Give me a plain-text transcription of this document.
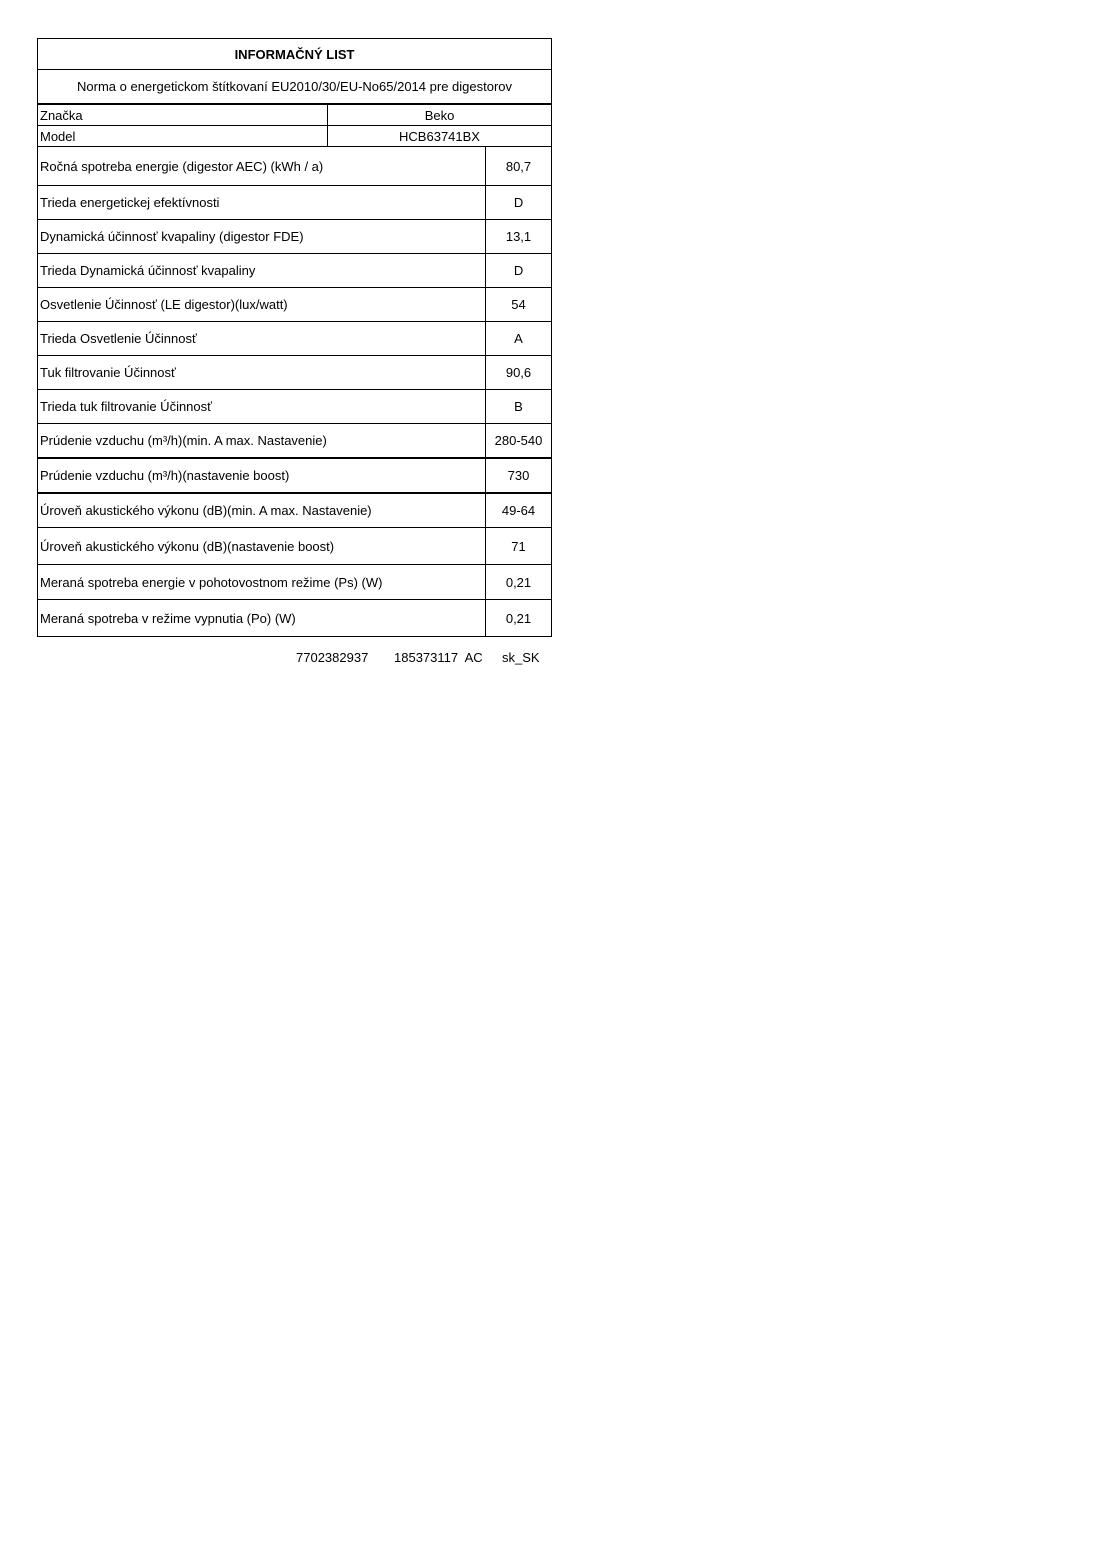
INFORMAČNÝ LIST		
Norma o energetickom štítkovaní EU2010/30/EU-No65/2014 pre digestorov		
Značka	Beko	
Model	HCB63741BX	
Ročná spotreba energie (digestor AEC) (kWh / a)		80,7
Trieda energetickej efektívnosti		D
Dynamická účinnosť kvapaliny (digestor FDE)		13,1
Trieda Dynamická účinnosť kvapaliny		D
Osvetlenie Účinnosť (LE digestor)(lux/watt)		54
Trieda Osvetlenie Účinnosť		A
Tuk filtrovanie Účinnosť		90,6
Trieda tuk filtrovanie Účinnosť		B
Prúdenie vzduchu (m³/h)(min. A max. Nastavenie)		280-540
Prúdenie vzduchu (m³/h)(nastavenie boost)		730
Úroveň akustického výkonu (dB)(min. A max. Nastavenie)		49-64
Úroveň akustického výkonu (dB)(nastavenie boost)		71
Meraná spotreba energie v pohotovostnom režime (Ps) (W)		0,21
Meraná spotreba v režime vypnutia (Po) (W)		0,21
7702382937 185373117  AC sk_SK
